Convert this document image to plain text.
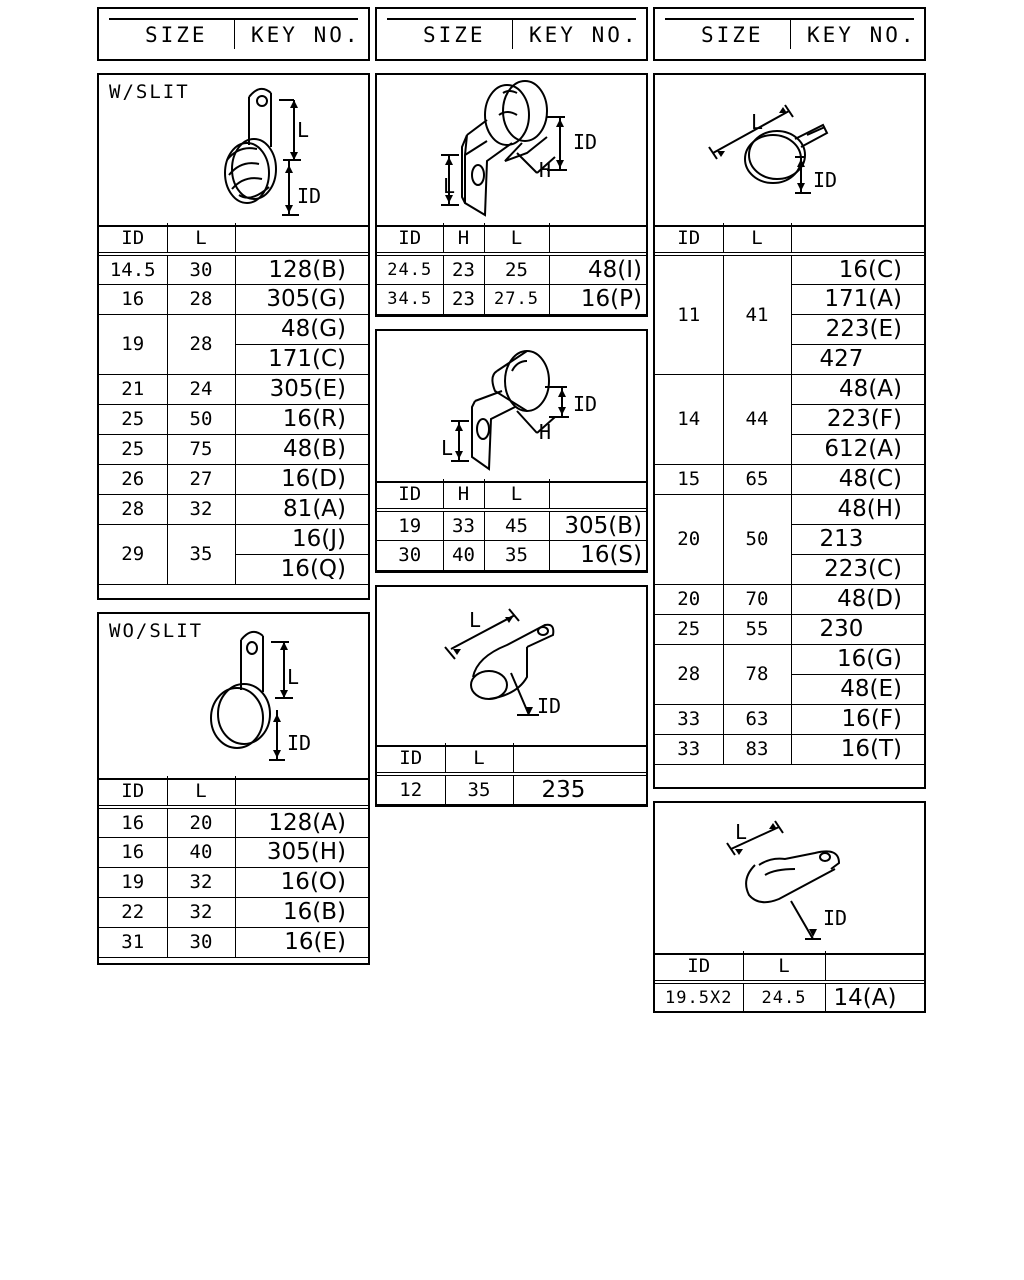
SIZE KEY NO.	SIZE KEY NO.	SIZE KEY NO.
W/SLIT
L
ID
ID	L	
14.5	30	128(B)
16	28	305(G)
19	28	48(G)
		171(C)
21	24	305(E)
25	50	16(R)
25	75	48(B)
26	27	16(D)
28	32	81(A)
29	35	16(J)
		16(Q)
WO/SLIT
L
ID
ID	L	
16	20	128(A)
16	40	305(H)
19	32	16(O)
22	32	16(B)
31	30	16(E)
ID
H
L
ID	H	L	
24.5	23	25	48(I)
34.5	23	27.5	16(P)
ID
H
L
ID	H	L	
19	33	45	305(B)
30	40	35	16(S)
L
ID
ID	L	
12	35	235
L
ID
ID	L	
11	41	16(C)
		171(A)
		223(E)
		427
14	44	48(A)
		223(F)
		612(A)
15	65	48(C)
20	50	48(H)
		213
		223(C)
20	70	48(D)
25	55	230
28	78	16(G)
		48(E)
33	63	16(F)
33	83	16(T)
L
ID
ID	L	
19.5X2	24.5	14(A)
